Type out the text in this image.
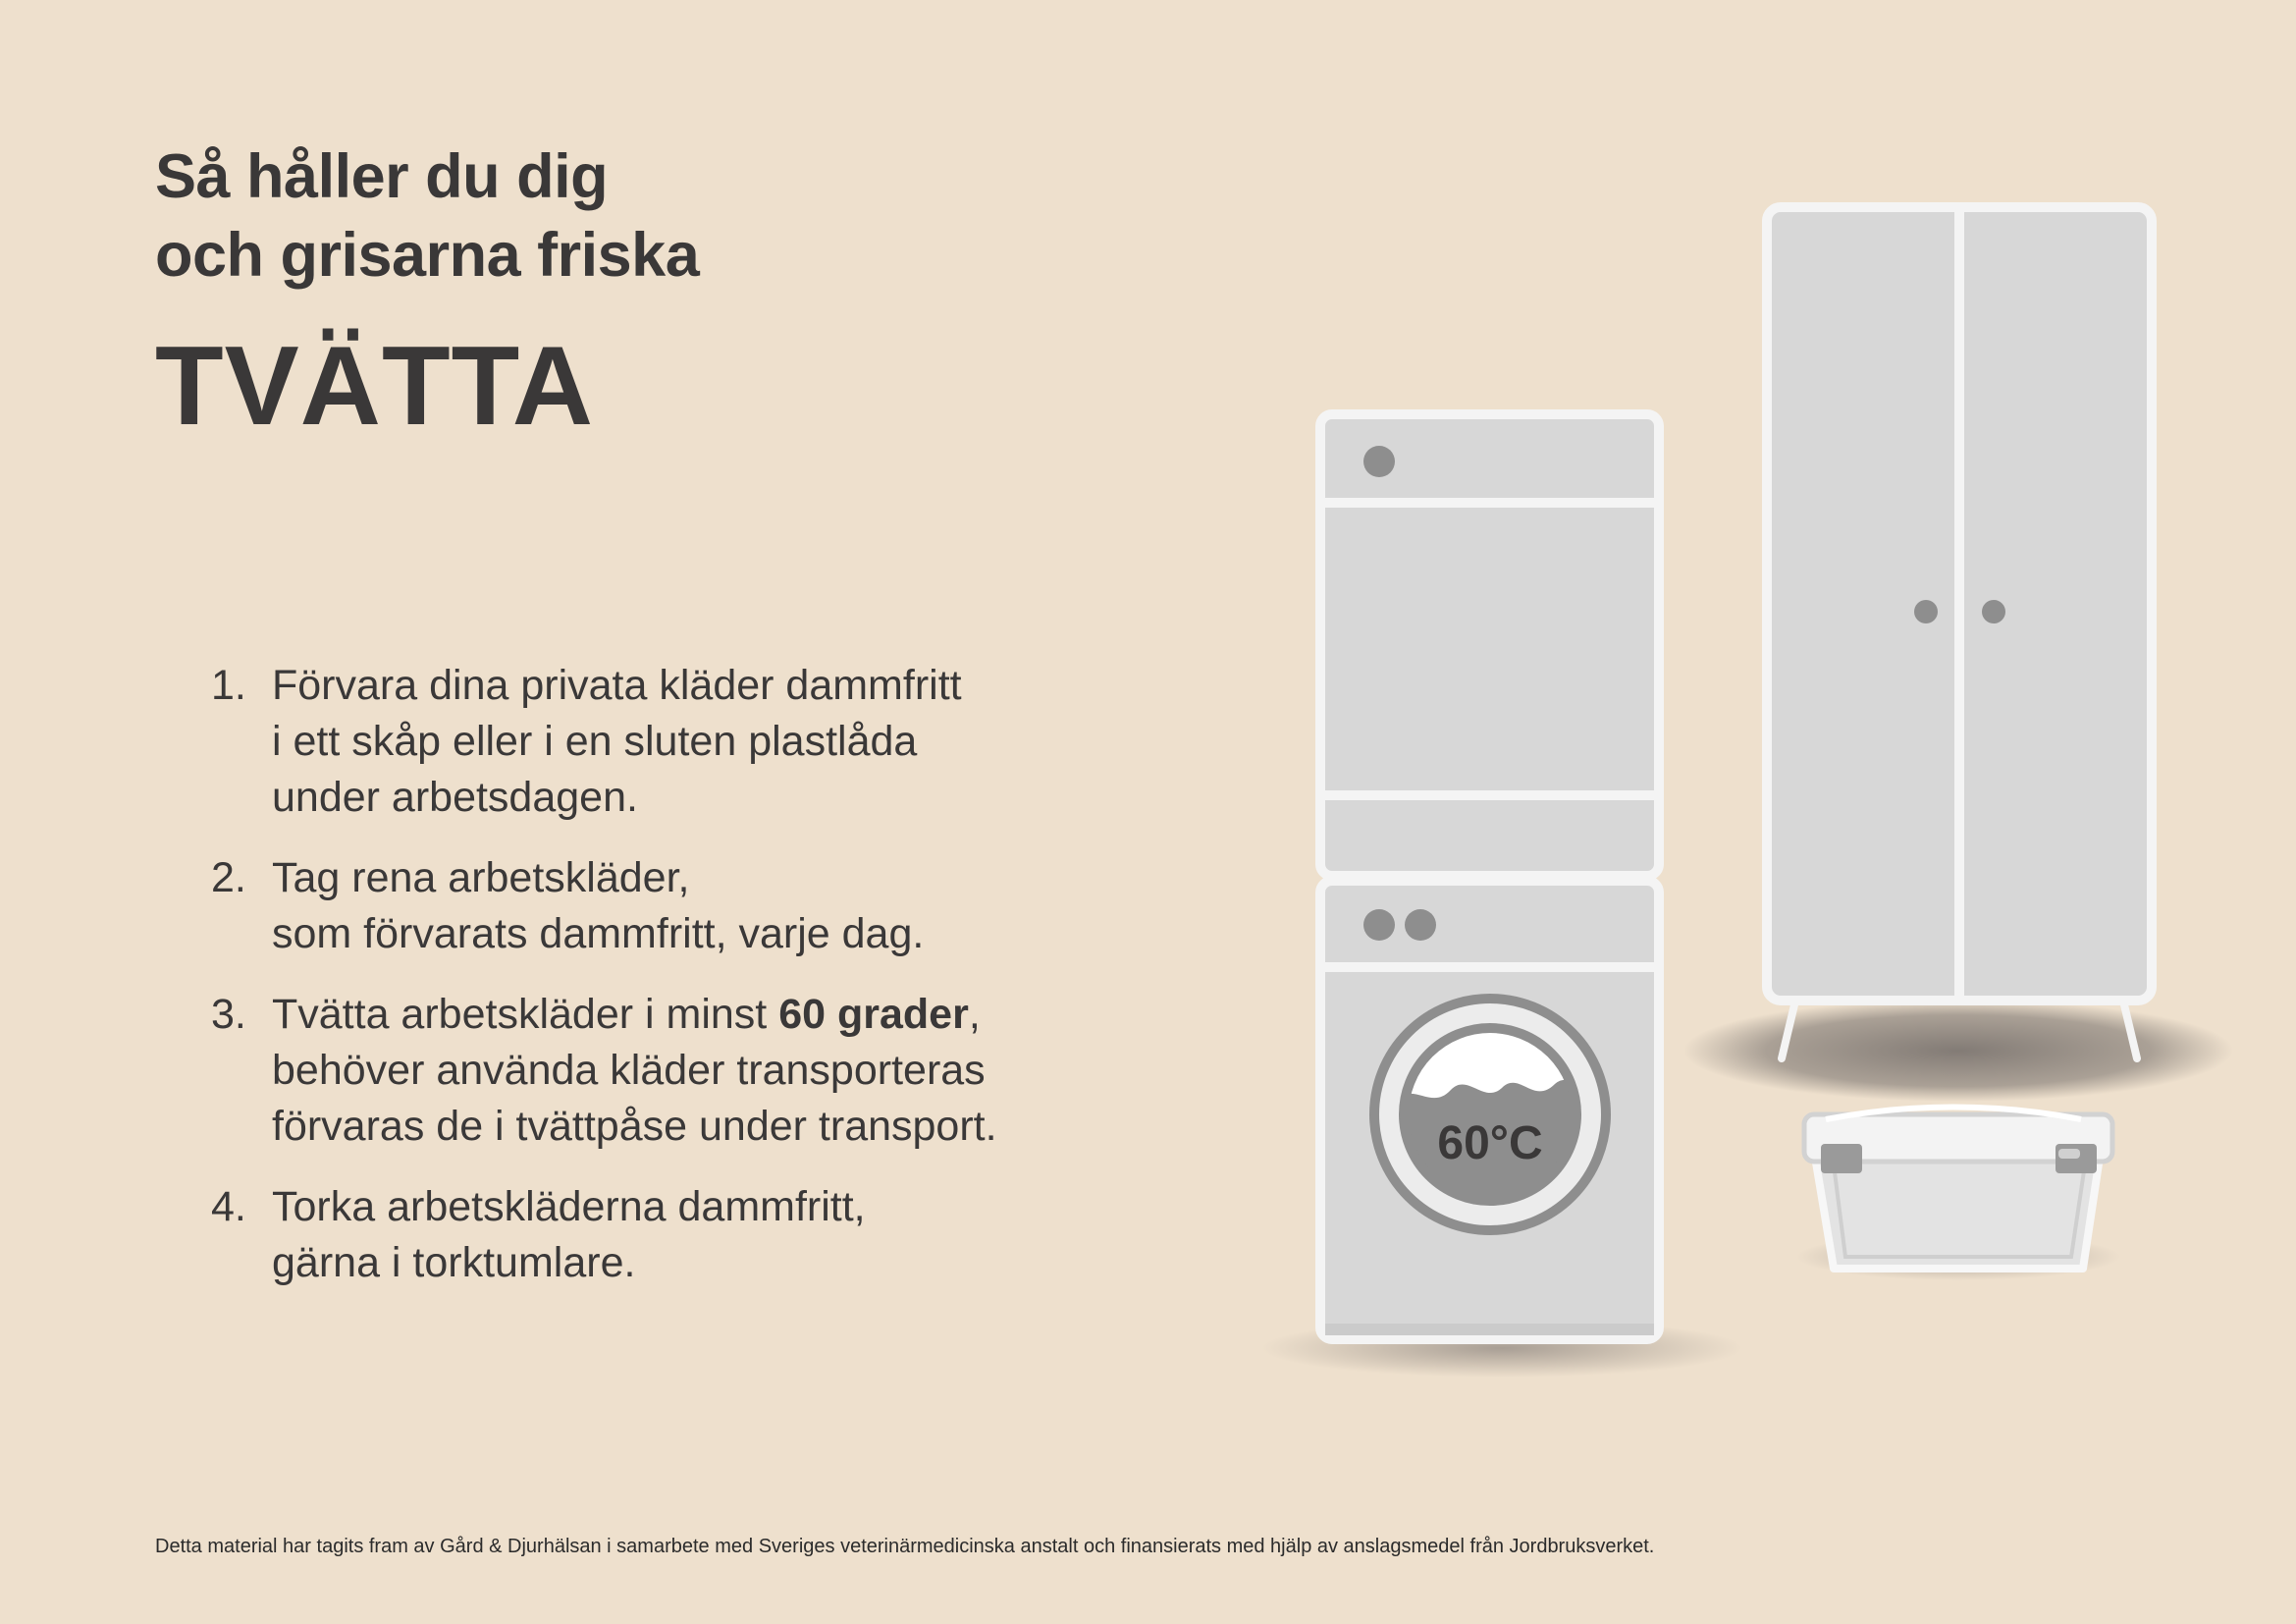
Så håller du dig

och grisarna friska

TVÄTTA
1. Förvara dina privata kläder dammfritt
i ett skåp eller i en sluten plastlåda
under arbetsdagen.
2. Tag rena arbetskläder,
som förvarats dammfritt, varje dag.
3. Tvätta arbetskläder i minst 60 grader,
behöver använda kläder transporteras
förvaras de i tvättpåse under transport.
4. Torka arbetskläderna dammfritt,
gärna i torktumlare.
60°C
Detta material har tagits fram av Gård & Djurhälsan i samarbete med Sveriges veterinärmedicinska anstalt och finansierats med hjälp av anslagsmedel från Jordbruksverket.
